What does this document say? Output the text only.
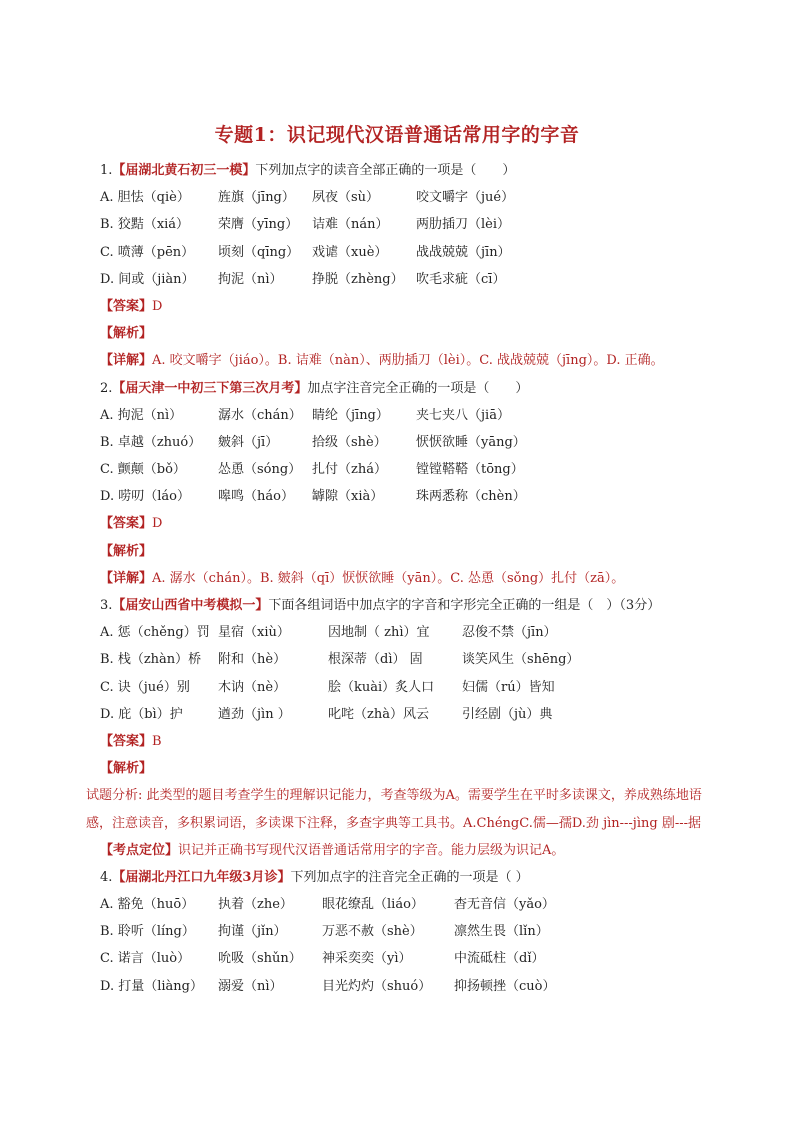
专题1：识记现代汉语普通话常用字的字音
1.【届湖北黄石初三一模】下列加点字的读音全部正确的一项是（　　）
A. 胆怯（qiè） 旌旗（jīng） 夙夜（sù）	咬文嚼字（jué）
B. 狡黠（xiá） 荣膺（yīng） 诘难（nán） 两肋插刀（lèi）
C. 喷薄（pēn） 顷刻（qīng） 戏谑（xuè） 战战兢兢（jīn）
D. 间或（jiàn） 拘泥（nì） 挣脱（zhèng） 吹毛求疵（cī）
【答案】D
【解析】
【详解】A. 咬文嚼字（jiáo）。B. 诘难（nàn）、两肋插刀（lèi）。C. 战战兢兢（jīng）。D. 正确。
2.【届天津一中初三下第三次月考】加点字注音完全正确的一项是（　　）
A. 拘泥（nì）	潺水（chán） 睛纶（jīng） 夹七夹八（jiā）
B. 卓越（zhuó） 皴斜（jī）	拾级（shè） 恹恹欲睡（yāng）
C. 颤颠（bǒ） 怂恿（sóng） 扎付（zhá） 镗镗鞳鞳（tōng）
D. 唠叨（láo） 嗥鸣（háo） 罅隙（xià）	珠两悉称（chèn）
【答案】D
【解析】
【详解】A. 潺水（chán）。B. 皴斜（qī）恹恹欲睡（yān）。C. 怂恿（sǒng）扎付（zā）。
3.【届安山西省中考模拟一】下面各组词语中加点字的字音和字形完全正确的一组是（　）（3分）
A. 惩（chěng）罚 星宿（xiù）	因地制（ zhì）宜 忍俊不禁（jīn）
B. 栈（zhàn）桥 附和（hè）	根深蒂（dì） 固	谈笑风生（shēng）
C. 诀（jué）别 木讷（nè）	脍（kuài）炙人口 妇儒（rú）皆知
D. 庇（bì）护	遒劲（jìn ）	叱咤（zhà）风云	引经剧（jù）典
【答案】B
【解析】
试题分析: 此类型的题目考查学生的理解识记能力，考查等级为A。需要学生在平时多读课文，养成熟练地语感，注意读音，多积累词语，多读课下注释，多查字典等工具书。A.ChéngC.儒—孺D.劲 jìn---jìng 剧---据
【考点定位】识记并正确书写现代汉语普通话常用字的字音。能力层级为识记A。
4.【届湖北丹江口九年级3月诊】下列加点字的注音完全正确的一项是（ ）
A. 豁免（huō） 执着（zhe） 眼花缭乱（liáo） 杳无音信（yǎo）
B. 聆听（líng） 拘谨（jǐn）	万恶不赦（shè） 凛然生畏（lǐn）
C. 诺言（luò） 吮吸（shǔn） 神采奕奕（yì）	中流砥柱（dǐ）
D. 打量（liàng） 溺爱（nì）	目光灼灼（shuó） 抑扬顿挫（cuò）
